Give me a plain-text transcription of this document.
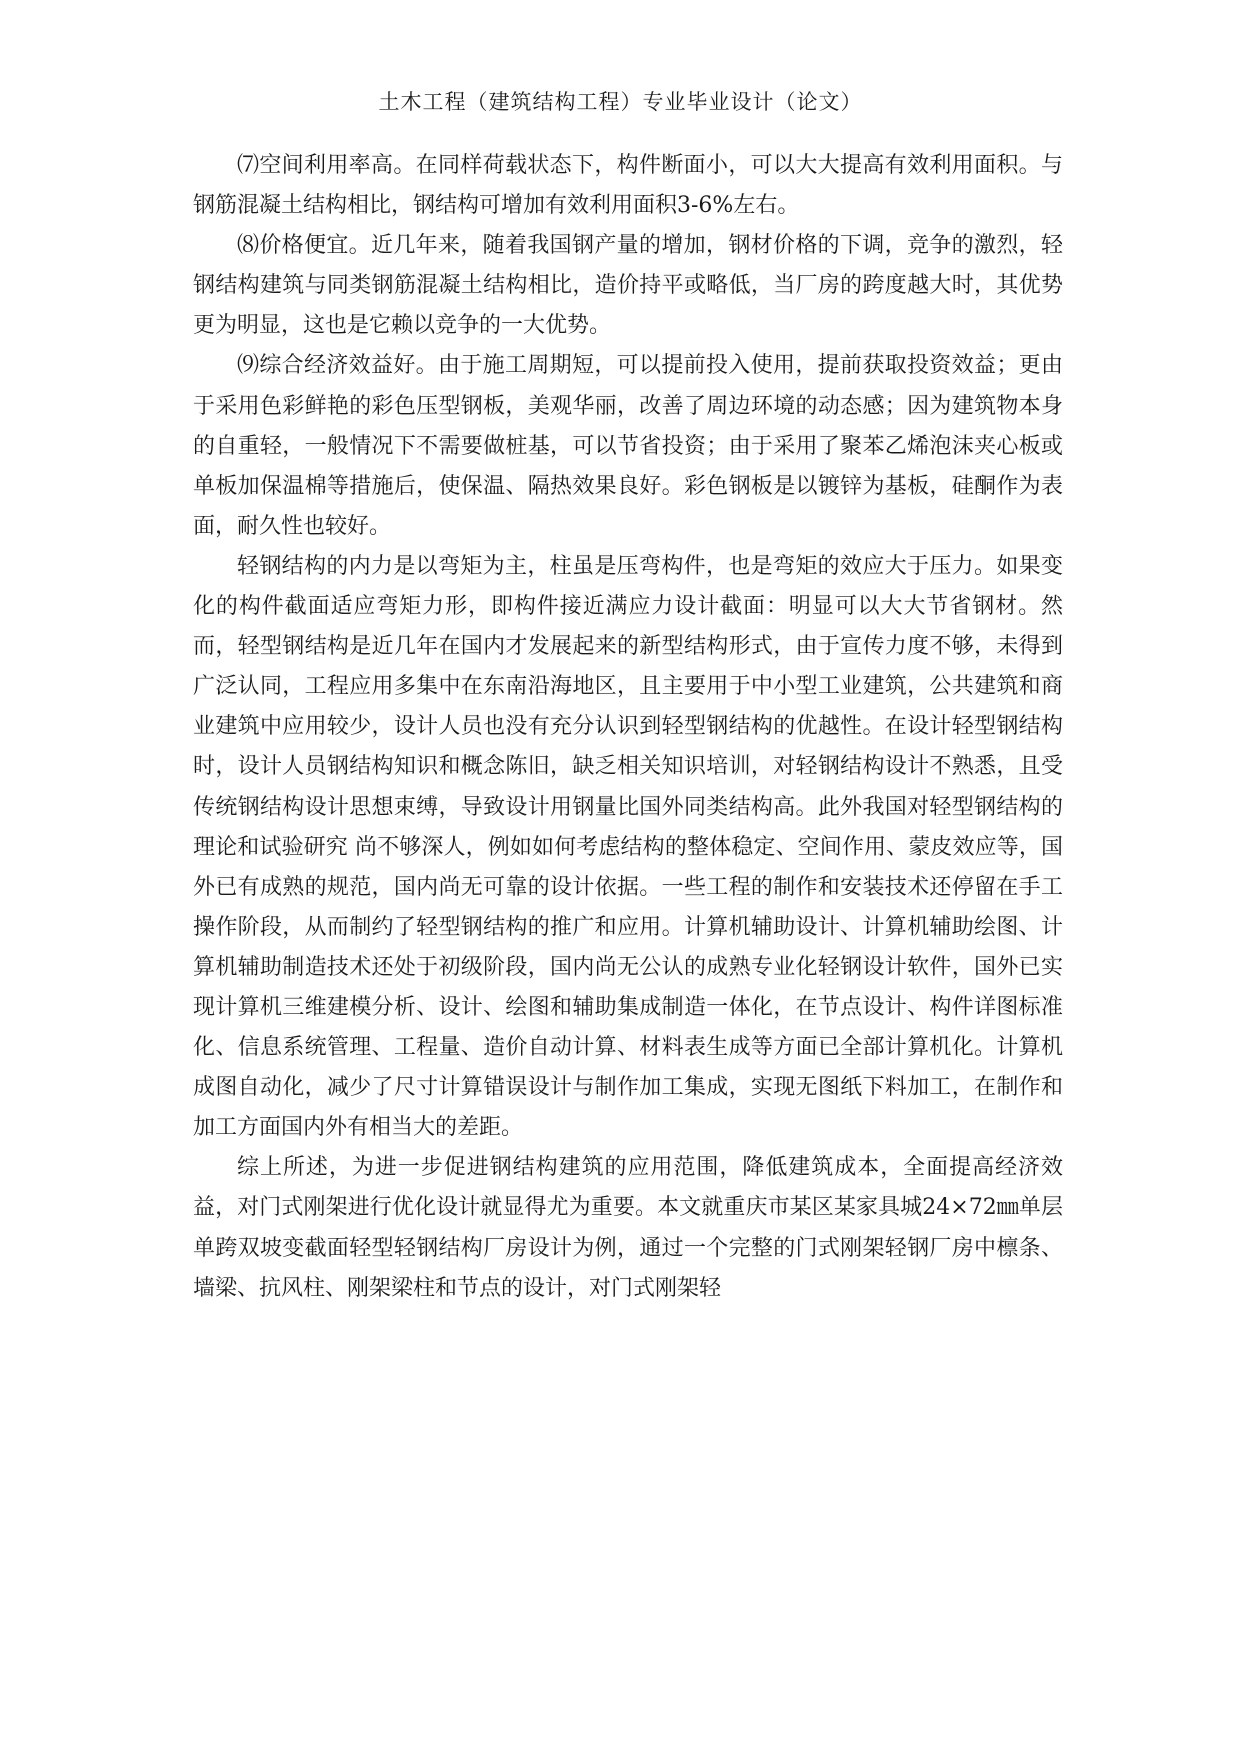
土木工程（建筑结构工程）专业毕业设计（论文）

⑺空间利用率高。在同样荷载状态下，构件断面小，可以大大提高有效利用面积。与钢筋混凝土结构相比，钢结构可增加有效利用面积3-6%左右。

⑻价格便宜。近几年来，随着我国钢产量的增加，钢材价格的下调，竞争的激烈，轻钢结构建筑与同类钢筋混凝土结构相比，造价持平或略低，当厂房的跨度越大时，其优势更为明显，这也是它赖以竞争的一大优势。

⑼综合经济效益好。由于施工周期短，可以提前投入使用，提前获取投资效益；更由于采用色彩鲜艳的彩色压型钢板，美观华丽，改善了周边环境的动态感；因为建筑物本身的自重轻，一般情况下不需要做桩基，可以节省投资；由于采用了聚苯乙烯泡沫夹心板或单板加保温棉等措施后，使保温、隔热效果良好。彩色钢板是以镀锌为基板，硅酮作为表面，耐久性也较好。

轻钢结构的内力是以弯矩为主，柱虽是压弯构件，也是弯矩的效应大于压力。如果变化的构件截面适应弯矩力形，即构件接近满应力设计截面：明显可以大大节省钢材。然而，轻型钢结构是近几年在国内才发展起来的新型结构形式，由于宣传力度不够，未得到广泛认同，工程应用多集中在东南沿海地区，且主要用于中小型工业建筑，公共建筑和商业建筑中应用较少，设计人员也没有充分认识到轻型钢结构的优越性。在设计轻型钢结构时，设计人员钢结构知识和概念陈旧，缺乏相关知识培训，对轻钢结构设计不熟悉，且受传统钢结构设计思想束缚，导致设计用钢量比国外同类结构高。此外我国对轻型钢结构的理论和试验研究 尚不够深人，例如如何考虑结构的整体稳定、空间作用、蒙皮效应等，国外已有成熟的规范，国内尚无可靠的设计依据。一些工程的制作和安装技术还停留在手工操作阶段，从而制约了轻型钢结构的推广和应用。计算机辅助设计、计算机辅助绘图、计算机辅助制造技术还处于初级阶段，国内尚无公认的成熟专业化轻钢设计软件，国外已实现计算机三维建模分析、设计、绘图和辅助集成制造一体化，在节点设计、构件详图标准化、信息系统管理、工程量、造价自动计算、材料表生成等方面已全部计算机化。计算机成图自动化，减少了尺寸计算错误设计与制作加工集成，实现无图纸下料加工，在制作和加工方面国内外有相当大的差距。

综上所述，为进一步促进钢结构建筑的应用范围，降低建筑成本，全面提高经济效益，对门式刚架进行优化设计就显得尤为重要。本文就重庆市某区某家具城24×72㎜单层单跨双坡变截面轻型轻钢结构厂房设计为例，通过一个完整的门式刚架轻钢厂房中檩条、墙梁、抗风柱、刚架梁柱和节点的设计，对门式刚架轻
